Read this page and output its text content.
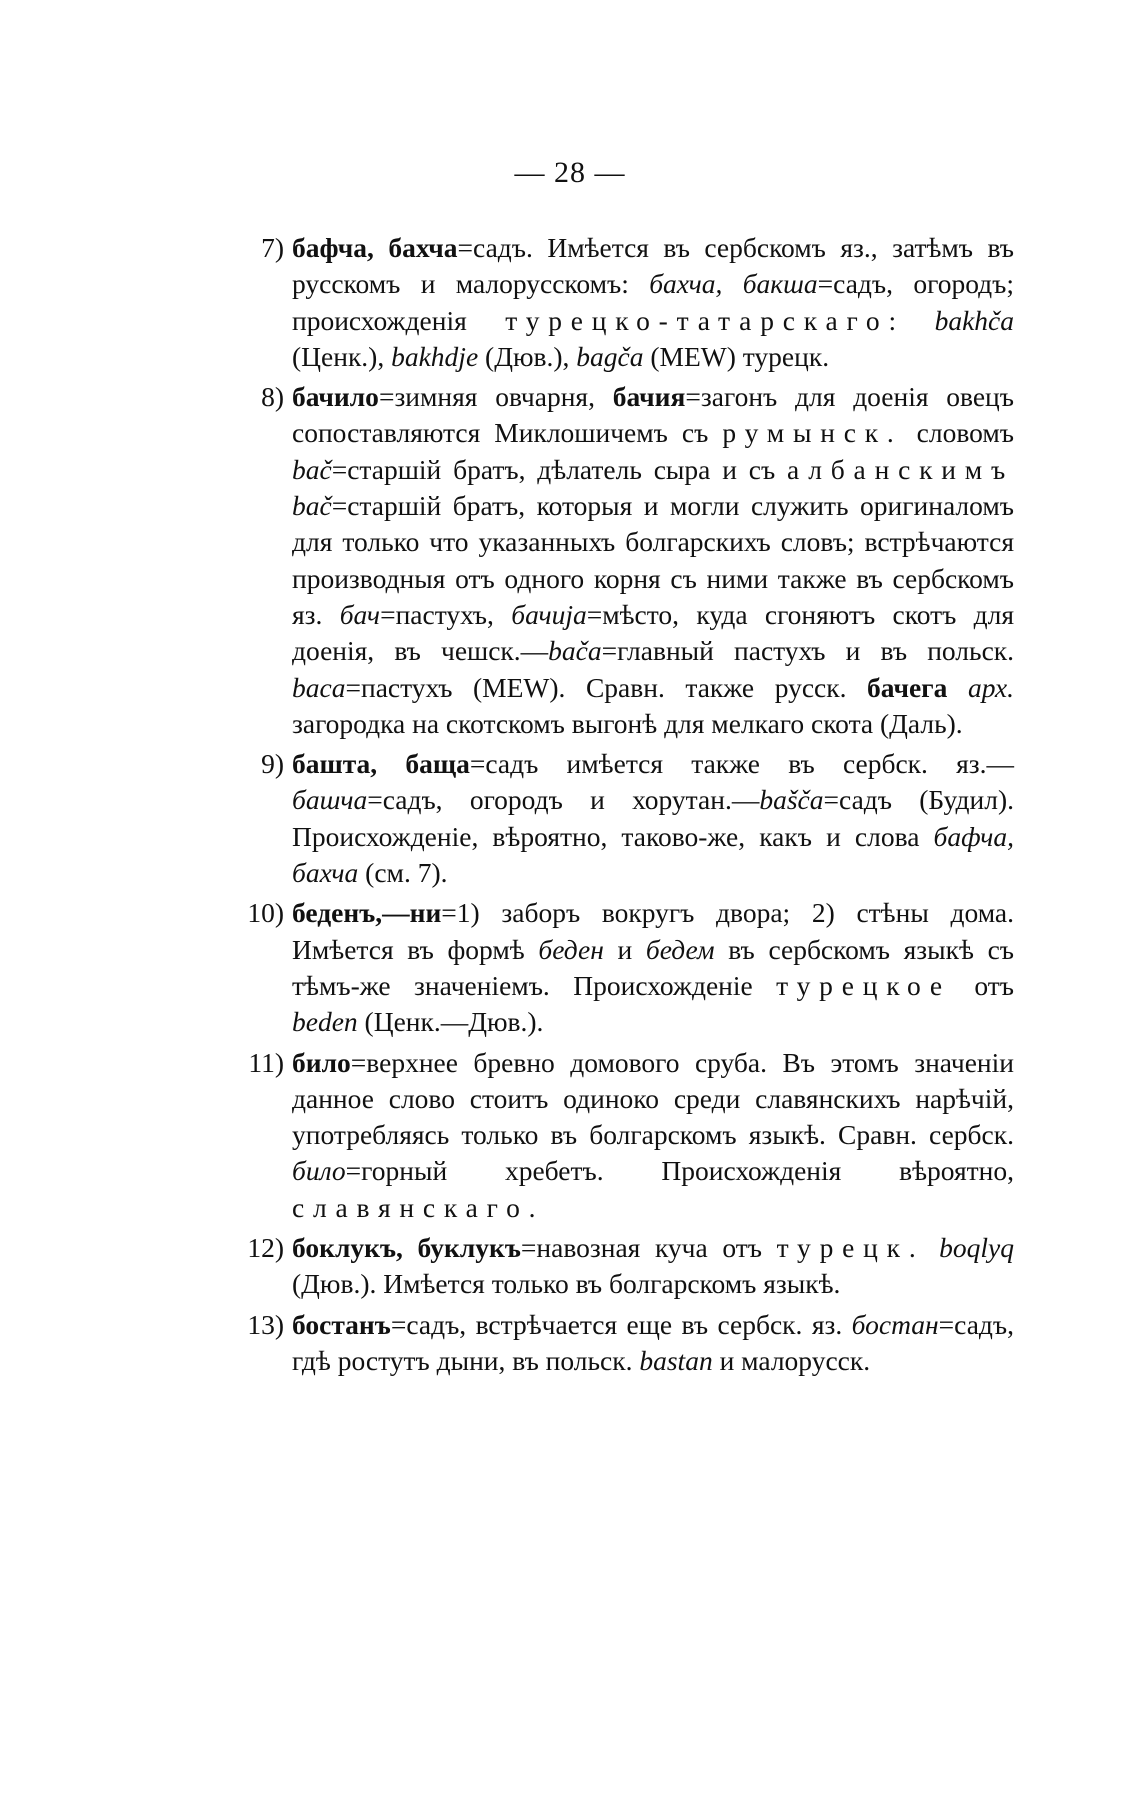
— 28 —
7) бафча, бахча=садъ. Имѣется въ сербскомъ яз., затѣмъ въ русскомъ и малорусскомъ: бахча, бакша=садъ, огородъ; происхожденія турецко-татарскаго: bakhča (Ценк.), bakhdje (Дюв.), bagča (MEW) турецк.
8) бачило=зимняя овчарня, бачия=загонъ для доенія овецъ сопоставляются Миклошичемъ съ румынск. словомъ bač=старшій братъ, дѣлатель сыра и съ албанскимъ bač=старшій братъ, которыя и могли служить оригиналомъ для только что указанныхъ болгарскихъ словъ; встрѣчаются производныя отъ одного корня съ ними также въ сербскомъ яз. бач=пастухъ, бачиjа=мѣсто, куда сгоняютъ скотъ для доенія, въ чешск.—bača=главный пастухъ и въ польск. baca=пастухъ (MEW). Сравн. также русск. бачега арх. загородка на скотскомъ выгонѣ для мелкаго скота (Даль).
9) башта, баща=садъ имѣется также въ сербск. яз.— башча=садъ, огородъ и хорутан.—bašča=садъ (Будил). Происхожденіе, вѣроятно, таково-же, какъ и слова бафча, бахча (см. 7).
10) беденъ,—ни=1) заборъ вокругъ двора; 2) стѣны дома. Имѣется въ формѣ беден и бедем въ сербскомъ языкѣ съ тѣмъ-же значеніемъ. Происхожденіе турецкое отъ beden (Ценк.—Дюв.).
11) било=верхнее бревно домового сруба. Въ этомъ значеніи данное слово стоитъ одиноко среди славянскихъ нарѣчій, употребляясь только въ болгарскомъ языкѣ. Сравн. сербск. било=горный хребетъ. Происхожденія вѣроятно, славянскаго.
12) боклукъ, буклукъ=навозная куча отъ турецк. boqlyq (Дюв.). Имѣется только въ болгарскомъ языкѣ.
13) бостанъ=садъ, встрѣчается еще въ сербск. яз. бостан=садъ, гдѣ ростутъ дыни, въ польск. bastan и малорусск.
